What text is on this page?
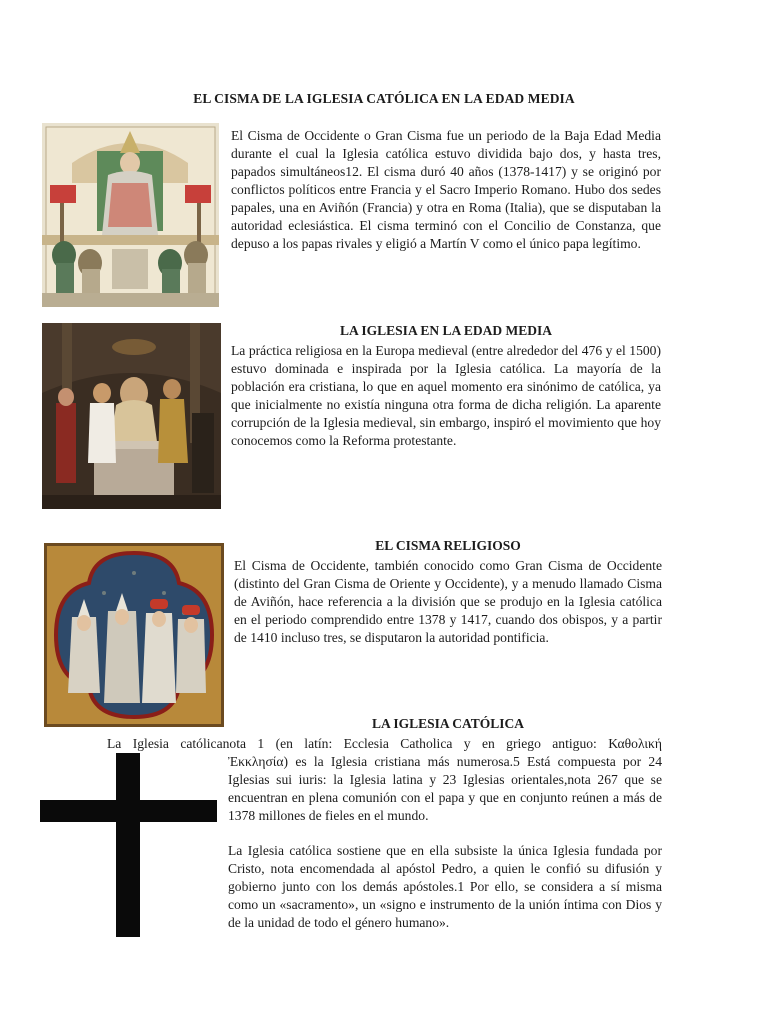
EL CISMA DE LA IGLESIA CATÓLICA EN LA EDAD MEDIA
El Cisma de Occidente o Gran Cisma fue un periodo de la Baja Edad Media durante el cual la Iglesia católica estuvo dividida bajo dos, y hasta tres, papados simultáneos12. El cisma duró 40 años (1378-1417) y se originó por conflictos políticos entre Francia y el Sacro Imperio Romano. Hubo dos sedes papales, una en Aviñón (Francia) y otra en Roma (Italia), que se disputaban la autoridad eclesiástica. El cisma terminó con el Concilio de Constanza, que depuso a los papas rivales y eligió a Martín V como el único papa legítimo.
LA IGLESIA EN LA EDAD MEDIA
La práctica religiosa en la Europa medieval (entre alrededor del 476 y el 1500) estuvo dominada e inspirada por la Iglesia católica. La mayoría de la población era cristiana, lo que en aquel momento era sinónimo de católica, ya que inicialmente no existía ninguna otra forma de dicha religión. La aparente corrupción de la Iglesia medieval, sin embargo, inspiró el movimiento que hoy conocemos como la Reforma protestante.
EL CISMA RELIGIOSO
El Cisma de Occidente, también conocido como Gran Cisma de Occidente (distinto del Gran Cisma de Oriente y Occidente), y a menudo llamado Cisma de Aviñón, hace referencia a la división que se produjo en la Iglesia católica en el periodo comprendido entre 1378 y 1417, cuando dos obispos, y a partir de 1410 incluso tres, se disputaron la autoridad pontificia.
LA IGLESIA CATÓLICA
La Iglesia católicanota 1 (en latín: Ecclesia Catholica y en griego antiguo: Καθολική
Ἐκκλησία) es la Iglesia cristiana más numerosa.5 Está compuesta por 24 Iglesias sui iuris: la Iglesia latina y 23 Iglesias orientales,nota 267 que se encuentran en plena comunión con el papa y que en conjunto reúnen a más de 1378 millones de fieles en el mundo.
La Iglesia católica sostiene que en ella subsiste la única Iglesia fundada por Cristo, nota encomendada al apóstol Pedro, a quien le confió su difusión y gobierno junto con los demás apóstoles.1 Por ello, se considera a sí misma como un «sacramento», un «signo e instrumento de la unión íntima con Dios y de la unidad de todo el género humano».
